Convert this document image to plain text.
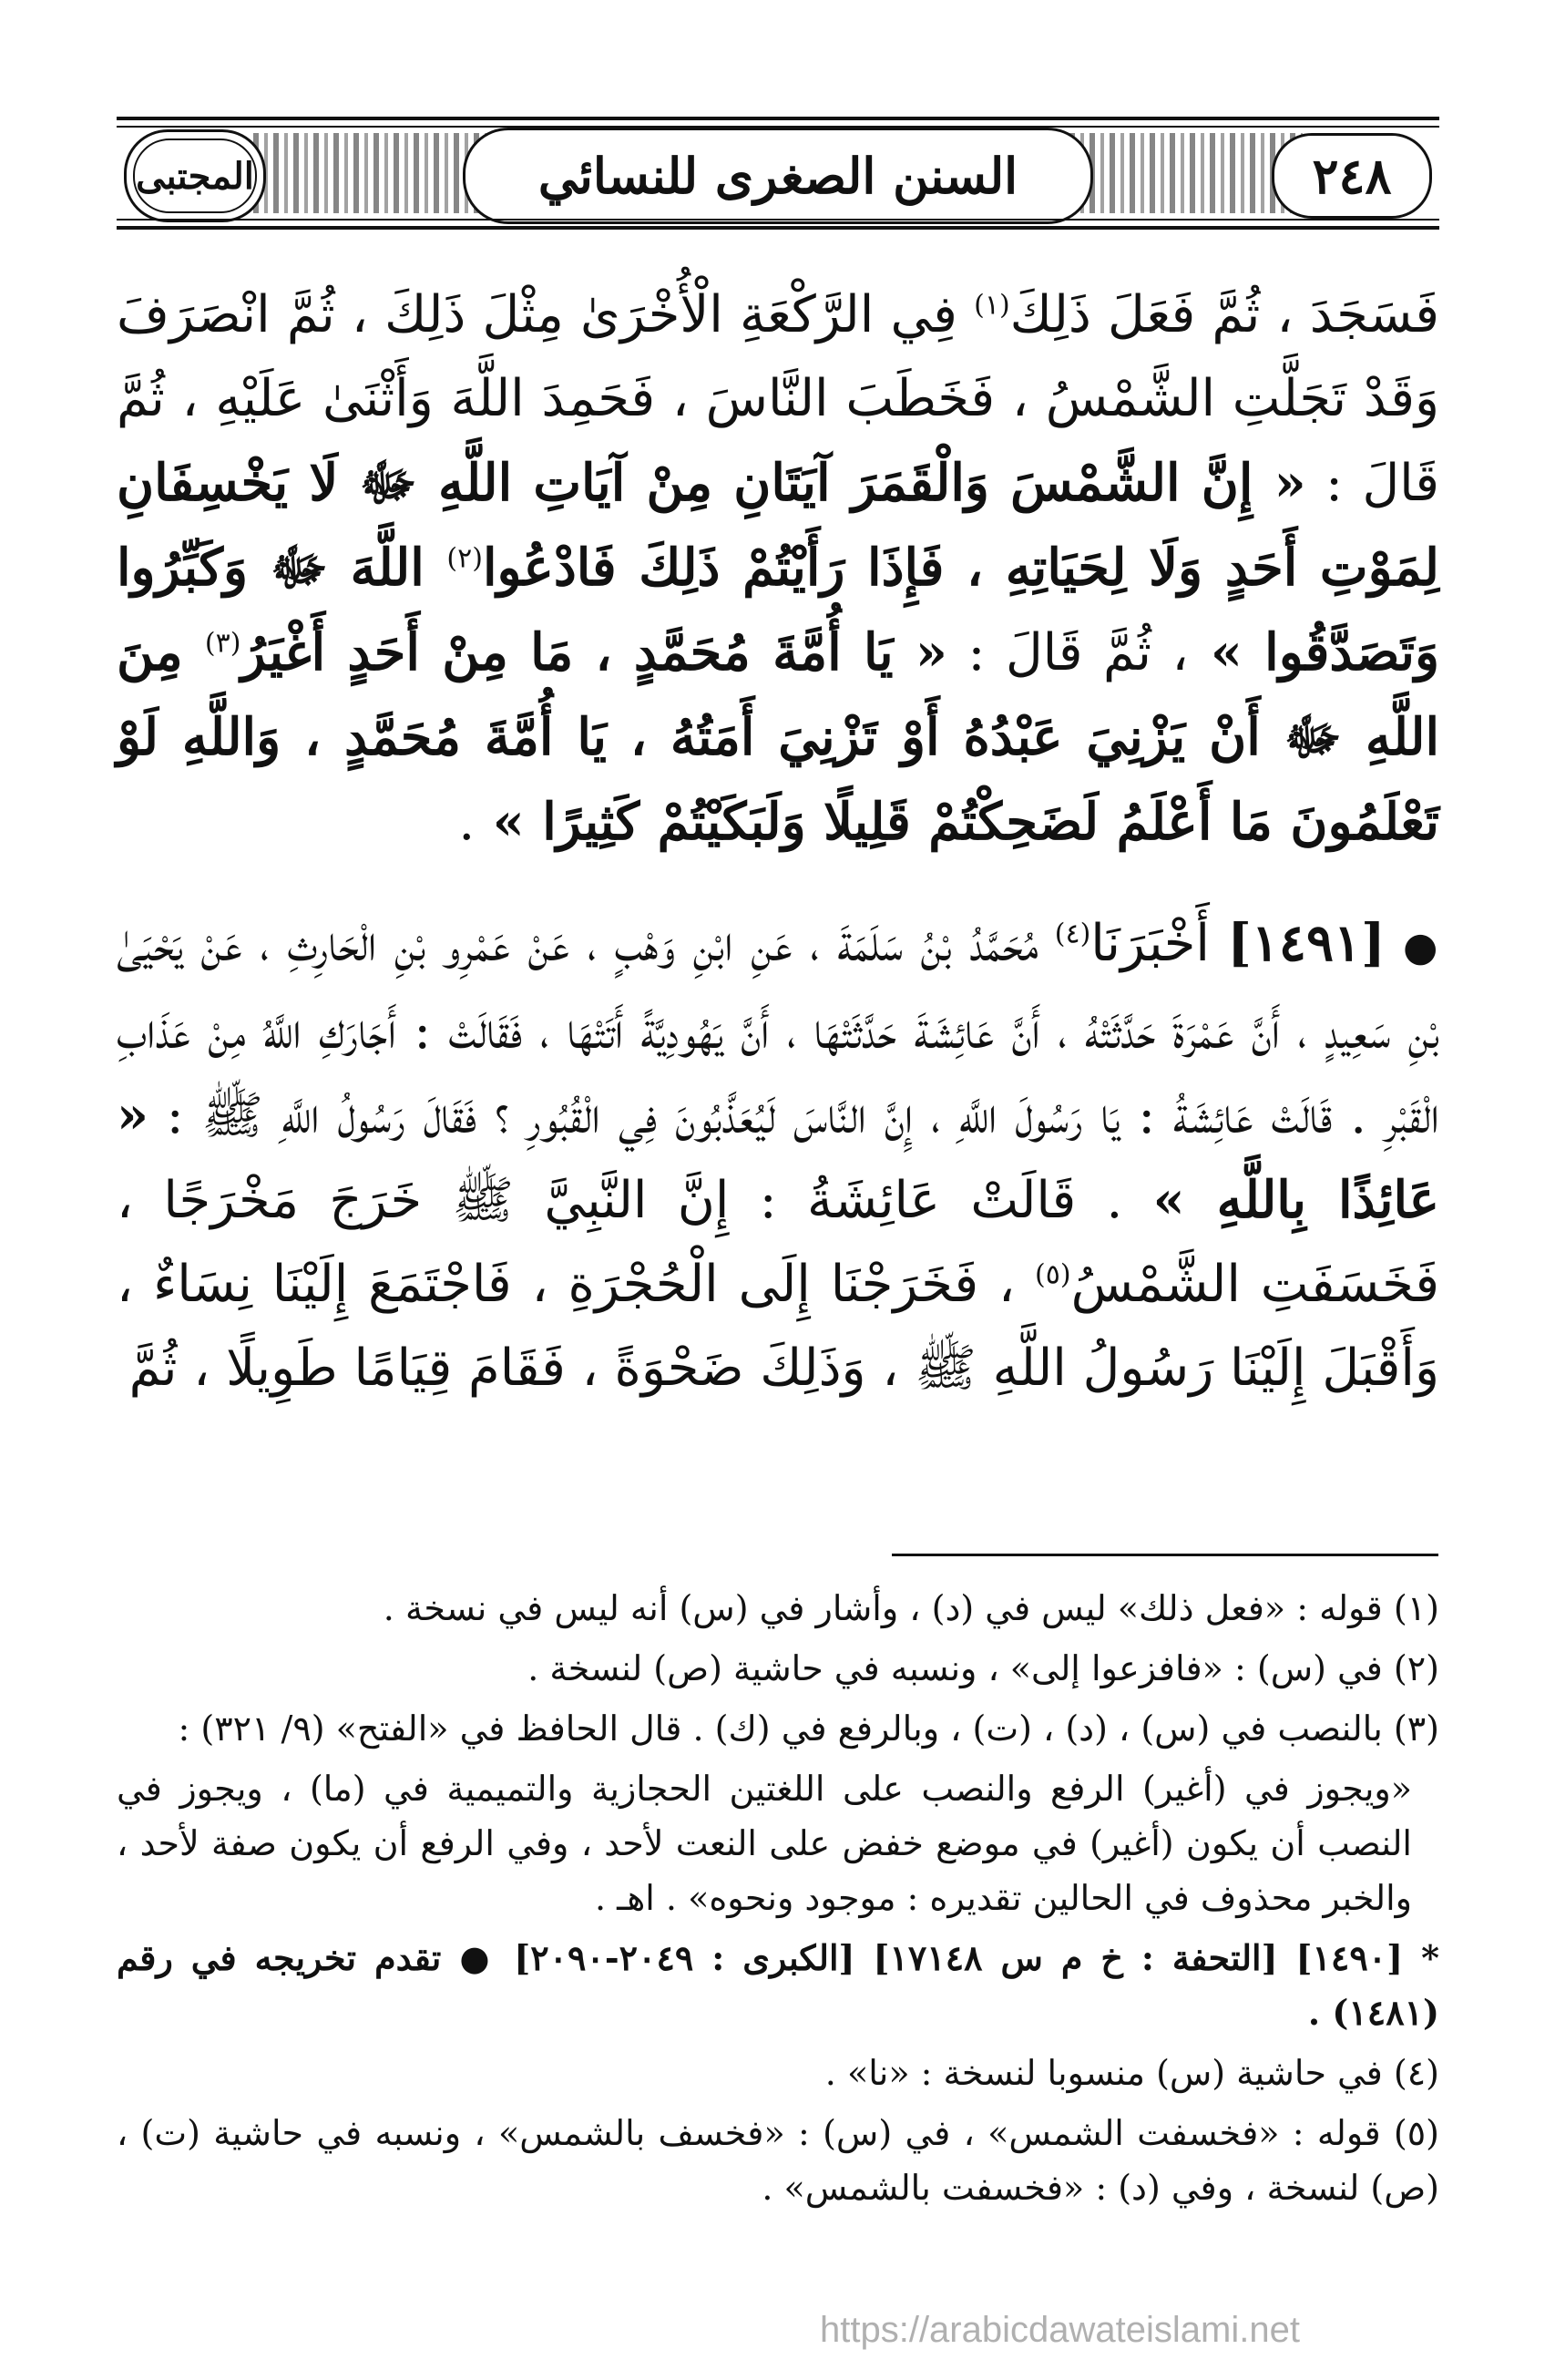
٢٤٨
السنن الصغرى للنسائي
المجتبى

فَسَجَدَ ، ثُمَّ فَعَلَ ذَلِكَ$^{(١)}$ فِي الرَّكْعَةِ الْأُخْرَىٰ مِثْلَ ذَلِكَ ، ثُمَّ انْصَرَفَ وَقَدْ تَجَلَّتِ الشَّمْسُ ، فَخَطَبَ النَّاسَ ، فَحَمِدَ اللَّهَ وَأَثْنَىٰ عَلَيْهِ ، ثُمَّ قَالَ : « إِنَّ الشَّمْسَ وَالْقَمَرَ آيَتَانِ مِنْ آيَاتِ اللَّهِ ﷻ لَا يَخْسِفَانِ لِمَوْتِ أَحَدٍ وَلَا لِحَيَاتِهِ ، فَإِذَا رَأَيْتُمْ ذَلِكَ فَادْعُوا$^{(٢)}$ اللَّهَ ﷻ وَكَبِّرُوا وَتَصَدَّقُوا » ، ثُمَّ قَالَ : « يَا أُمَّةَ مُحَمَّدٍ ، مَا مِنْ أَحَدٍ أَغْيَرُ$^{(٣)}$ مِنَ اللَّهِ ﷻ أَنْ يَزْنِيَ عَبْدُهُ أَوْ تَزْنِيَ أَمَتُهُ ، يَا أُمَّةَ مُحَمَّدٍ ، وَاللَّهِ لَوْ تَعْلَمُونَ مَا أَعْلَمُ لَضَحِكْتُمْ قَلِيلًا وَلَبَكَيْتُمْ كَثِيرًا » .

● [١٤٩١] أَخْبَرَنَا$^{(٤)}$ مُحَمَّدُ بْنُ سَلَمَةَ ، عَنِ ابْنِ وَهْبٍ ، عَنْ عَمْرِو بْنِ الْحَارِثِ ، عَنْ يَحْيَىٰ بْنِ سَعِيدٍ ، أَنَّ عَمْرَةَ حَدَّثَتْهُ ، أَنَّ عَائِشَةَ حَدَّثَتْهَا ، أَنَّ يَهُودِيَّةً أَتَتْهَا ، فَقَالَتْ : أَجَارَكِ اللَّهُ مِنْ عَذَابِ الْقَبْرِ . قَالَتْ عَائِشَةُ : يَا رَسُولَ اللَّهِ ، إِنَّ النَّاسَ لَيُعَذَّبُونَ فِي الْقُبُورِ ؟ فَقَالَ رَسُولُ اللَّهِ ﷺ : « عَائِذًا بِاللَّهِ » . قَالَتْ عَائِشَةُ : إِنَّ النَّبِيَّ ﷺ خَرَجَ مَخْرَجًا ، فَخَسَفَتِ الشَّمْسُ$^{(٥)}$ ، فَخَرَجْنَا إِلَى الْحُجْرَةِ ، فَاجْتَمَعَ إِلَيْنَا نِسَاءٌ ، وَأَقْبَلَ إِلَيْنَا رَسُولُ اللَّهِ ﷺ ، وَذَلِكَ ضَحْوَةً ، فَقَامَ قِيَامًا طَوِيلًا ، ثُمَّ

(١) قوله : «فعل ذلك» ليس في (د) ، وأشار في (س) أنه ليس في نسخة .

(٢) في (س) : «فافزعوا إلى» ، ونسبه في حاشية (ص) لنسخة .

(٣) بالنصب في (س) ، (د) ، (ت) ، وبالرفع في (ك) . قال الحافظ في «الفتح» (٩/ ٣٢١) :

«ويجوز في (أغير) الرفع والنصب على اللغتين الحجازية والتميمية في (ما) ، ويجوز في النصب أن يكون (أغير) في موضع خفض على النعت لأحد ، وفي الرفع أن يكون صفة لأحد ، والخبر محذوف في الحالين تقديره : موجود ونحوه» . اهـ .

* [١٤٩٠] [التحفة : خ م س ١٧١٤٨] [الكبرى : ٢٠٤٩-٢٠٩٠] ● تقدم تخريجه في رقم (١٤٨١) .

(٤) في حاشية (س) منسوبا لنسخة : «نا» .

(٥) قوله : «فخسفت الشمس» ، في (س) : «فخسف بالشمس» ، ونسبه في حاشية (ت) ، (ص) لنسخة ، وفي (د) : «فخسفت بالشمس» .

https://arabicdawateislami.net
